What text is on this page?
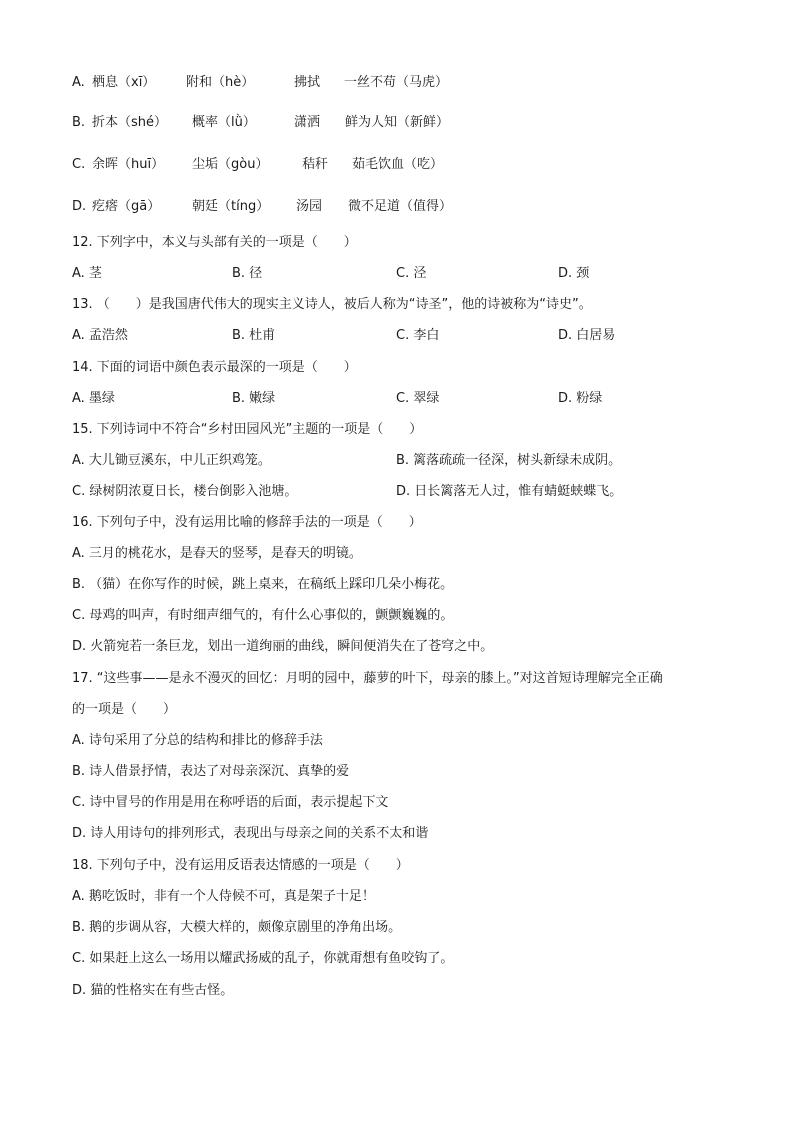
A. 栖息（xī） 附和（hè）	拂拭 一丝不苟（马虎）
B. 折本（shé） 概率（lǜ）	潇洒 鲜为人知（新鲜）
C. 余晖（huī） 尘垢（gòu）	秸秆 茹毛饮血（吃）
D. 疙瘩（gā） 朝廷（tíng） 汤园 微不足道（值得）
12. 下列字中，本义与头部有关的一项是（　　）
A. 茎	B. 径	C. 泾	D. 颈
13. （　　）是我国唐代伟大的现实主义诗人，被后人称为“诗圣”，他的诗被称为“诗史”。
A. 孟浩然	B. 杜甫	C. 李白	D. 白居易
14. 下面的词语中颜色表示最深的一项是（　　）
A. 墨绿	B. 嫩绿	C. 翠绿	D. 粉绿
15. 下列诗词中不符合“乡村田园风光”主题的一项是（　　）
A. 大儿锄豆溪东，中儿正织鸡笼。	B. 篱落疏疏一径深，树头新绿未成阴。
C. 绿树阴浓夏日长，楼台倒影入池塘。	D. 日长篱落无人过，惟有蜻蜓蛱蝶飞。
16. 下列句子中，没有运用比喻的修辞手法的一项是（　　）
A. 三月的桃花水，是春天的竖琴，是春天的明镜。
B. （猫）在你写作的时候，跳上桌来，在稿纸上踩印几朵小梅花。
C. 母鸡的叫声，有时细声细气的，有什么心事似的，颤颤巍巍的。
D. 火箭宛若一条巨龙，划出一道绚丽的曲线，瞬间便消失在了苍穹之中。
17. “这些事——是永不漫灭的回忆：月明的园中，藤萝的叶下，母亲的膝上。”对这首短诗理解完全正确
的一项是（　　）
A. 诗句采用了分总的结构和排比的修辞手法
B. 诗人借景抒情，表达了对母亲深沉、真挚的爱
C. 诗中冒号的作用是用在称呼语的后面，表示提起下文
D. 诗人用诗句的排列形式，表现出与母亲之间的关系不太和谐
18. 下列句子中，没有运用反语表达情感的一项是（　　）
A. 鹅吃饭时，非有一个人侍候不可，真是架子十足！
B. 鹅的步调从容，大模大样的，颇像京剧里的净角出场。
C. 如果赶上这么一场用以耀武扬威的乱子，你就甭想有鱼咬钩了。
D. 猫的性格实在有些古怪。
